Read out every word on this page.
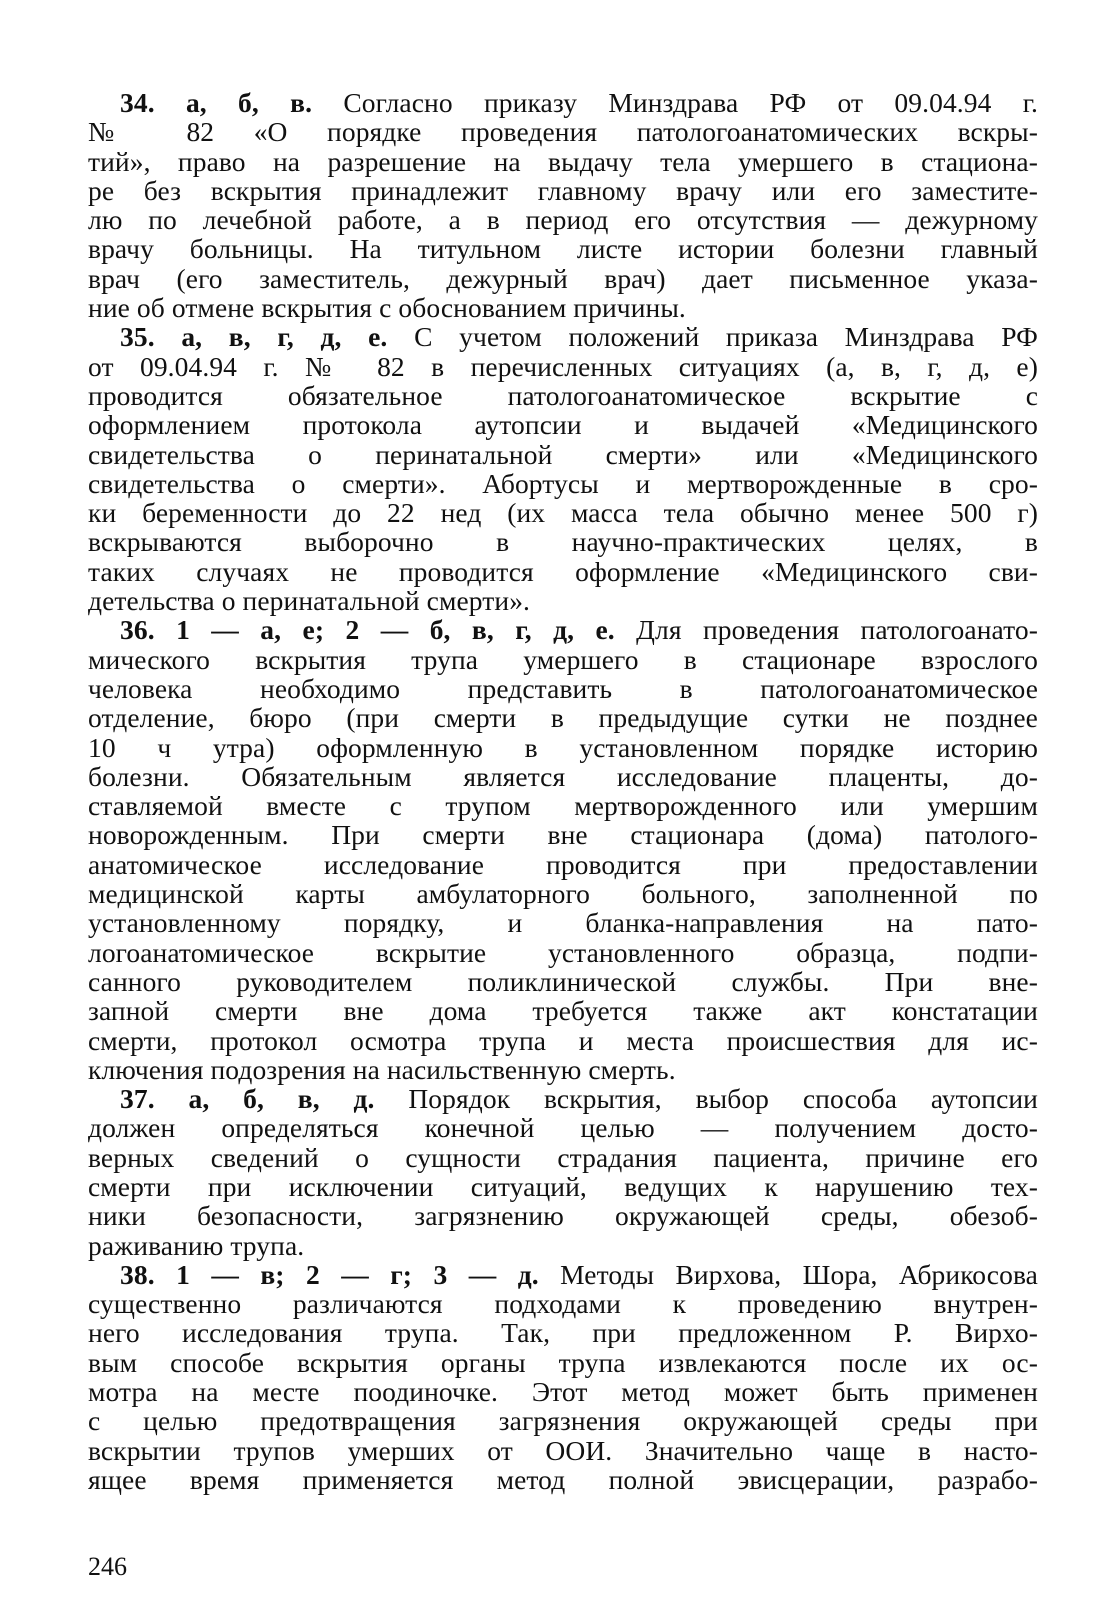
34. а, б, в. Согласно приказу Минздрава РФ от 09.04.94 г.
№ 82 «О порядке проведения патологоанатомических вскры-
тий», право на разрешение на выдачу тела умершего в стациона-
ре без вскрытия принадлежит главному врачу или его заместите-
лю по лечебной работе, а в период его отсутствия — дежурному
врачу больницы. На титульном листе истории болезни главный
врач (его заместитель, дежурный врач) дает письменное указа-
ние об отмене вскрытия с обоснованием причины.
35. а, в, г, д, е. С учетом положений приказа Минздрава РФ
от 09.04.94 г. № 82 в перечисленных ситуациях (а, в, г, д, е)
проводится обязательное патологоанатомическое вскрытие с
оформлением протокола аутопсии и выдачей «Медицинского
свидетельства о перинатальной смерти» или «Медицинского
свидетельства о смерти». Абортусы и мертворожденные в сро-
ки беременности до 22 нед (их масса тела обычно менее 500 г)
вскрываются выборочно в научно-практических целях, в
таких случаях не проводится оформление «Медицинского сви-
детельства о перинатальной смерти».
36. 1 — а, е; 2 — б, в, г, д, е. Для проведения патологоанато-
мического вскрытия трупа умершего в стационаре взрослого
человека необходимо представить в патологоанатомическое
отделение, бюро (при смерти в предыдущие сутки не позднее
10 ч утра) оформленную в установленном порядке историю
болезни. Обязательным является исследование плаценты, до-
ставляемой вместе с трупом мертворожденного или умершим
новорожденным. При смерти вне стационара (дома) патолого-
анатомическое исследование проводится при предоставлении
медицинской карты амбулаторного больного, заполненной по
установленному порядку, и бланка-направления на пато-
логоанатомическое вскрытие установленного образца, подпи-
санного руководителем поликлинической службы. При вне-
запной смерти вне дома требуется также акт констатации
смерти, протокол осмотра трупа и места происшествия для ис-
ключения подозрения на насильственную смерть.
37. а, б, в, д. Порядок вскрытия, выбор способа аутопсии
должен определяться конечной целью — получением досто-
верных сведений о сущности страдания пациента, причине его
смерти при исключении ситуаций, ведущих к нарушению тех-
ники безопасности, загрязнению окружающей среды, обезоб-
раживанию трупа.
38. 1 — в; 2 — г; 3 — д. Методы Вирхова, Шора, Абрикосова
существенно различаются подходами к проведению внутрен-
него исследования трупа. Так, при предложенном Р. Вирхо-
вым способе вскрытия органы трупа извлекаются после их ос-
мотра на месте поодиночке. Этот метод может быть применен
с целью предотвращения загрязнения окружающей среды при
вскрытии трупов умерших от ООИ. Значительно чаще в насто-
ящее время применяется метод полной эвисцерации, разрабо-
246
